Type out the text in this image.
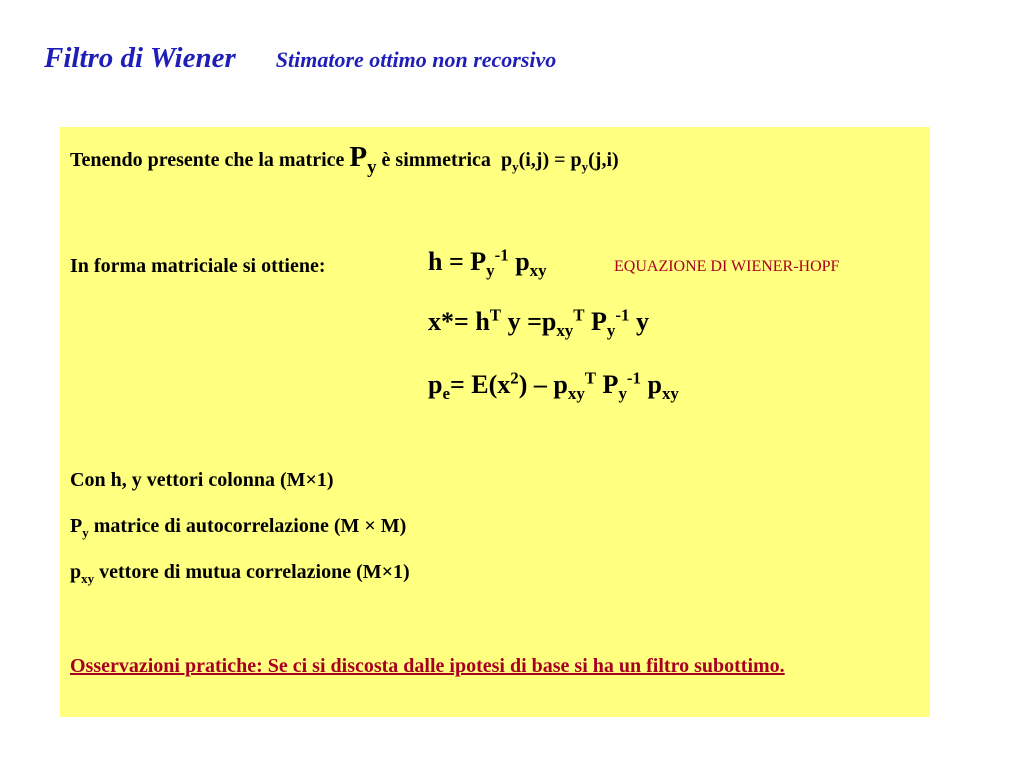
Filtro di Wiener Stimatore ottimo non recorsivo
Tenendo presente che la matrice $P_y$ è simmetrica $p_y(i,j) = p_y(j,i)$
In forma matriciale si ottiene:	$h = P_y^{-1}$ $p_{xy}$	EQUAZIONE DI WIENER-HOPF
$x*= h^T$ $y =p_{xy}^T$ $P_y^{-1}$ y
$p_e= E(x^2) - p_{xy}^T$ $P_y^{-1}$ $p_{xy}$
Con h, y vettori colonna (M×1)
$P_y$ matrice di autocorrelazione (M × M)
$p_{xy}$ vettore di mutua correlazione (M×1)
Osservazioni pratiche: Se ci si discosta dalle ipotesi di base si ha un filtro subottimo.
